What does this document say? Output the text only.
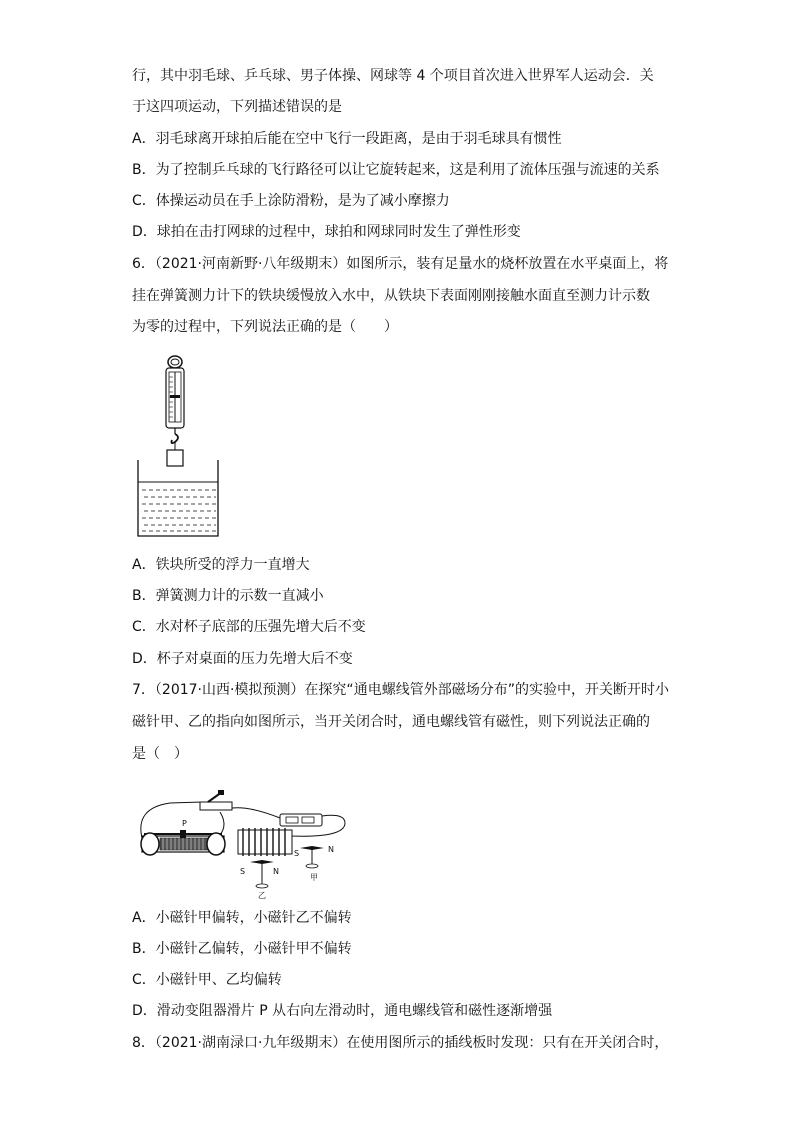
行，其中羽毛球、乒乓球、男子体操、网球等 4 个项目首次进入世界军人运动会．关
于这四项运动，下列描述错误的是
A．羽毛球离开球拍后能在空中飞行一段距离，是由于羽毛球具有惯性
B．为了控制乒乓球的飞行路径可以让它旋转起来，这是利用了流体压强与流速的关系
C．体操运动员在手上涂防滑粉，是为了减小摩擦力
D．球拍在击打网球的过程中，球拍和网球同时发生了弹性形变
6．（2021·河南新野·八年级期末）如图所示，装有足量水的烧杯放置在水平桌面上，将
挂在弹簧测力计下的铁块缓慢放入水中，从铁块下表面刚刚接触水面直至测力计示数
为零的过程中，下列说法正确的是（　　）
A．铁块所受的浮力一直增大
B．弹簧测力计的示数一直减小
C．水对杯子底部的压强先增大后不变
D．杯子对桌面的压力先增大后不变
7．（2017·山西·模拟预测）在探究“通电螺线管外部磁场分布”的实验中，开关断开时小
磁针甲、乙的指向如图所示，当开关闭合时，通电螺线管有磁性，则下列说法正确的
是（　）
P
S	N
乙
S	N
甲
A．小磁针甲偏转，小磁针乙不偏转
B．小磁针乙偏转，小磁针甲不偏转
C．小磁针甲、乙均偏转
D．滑动变阻器滑片 P 从右向左滑动时，通电螺线管和磁性逐渐增强
8．（2021·湖南渌口·九年级期末）在使用图所示的插线板时发现：只有在开关闭合时，
